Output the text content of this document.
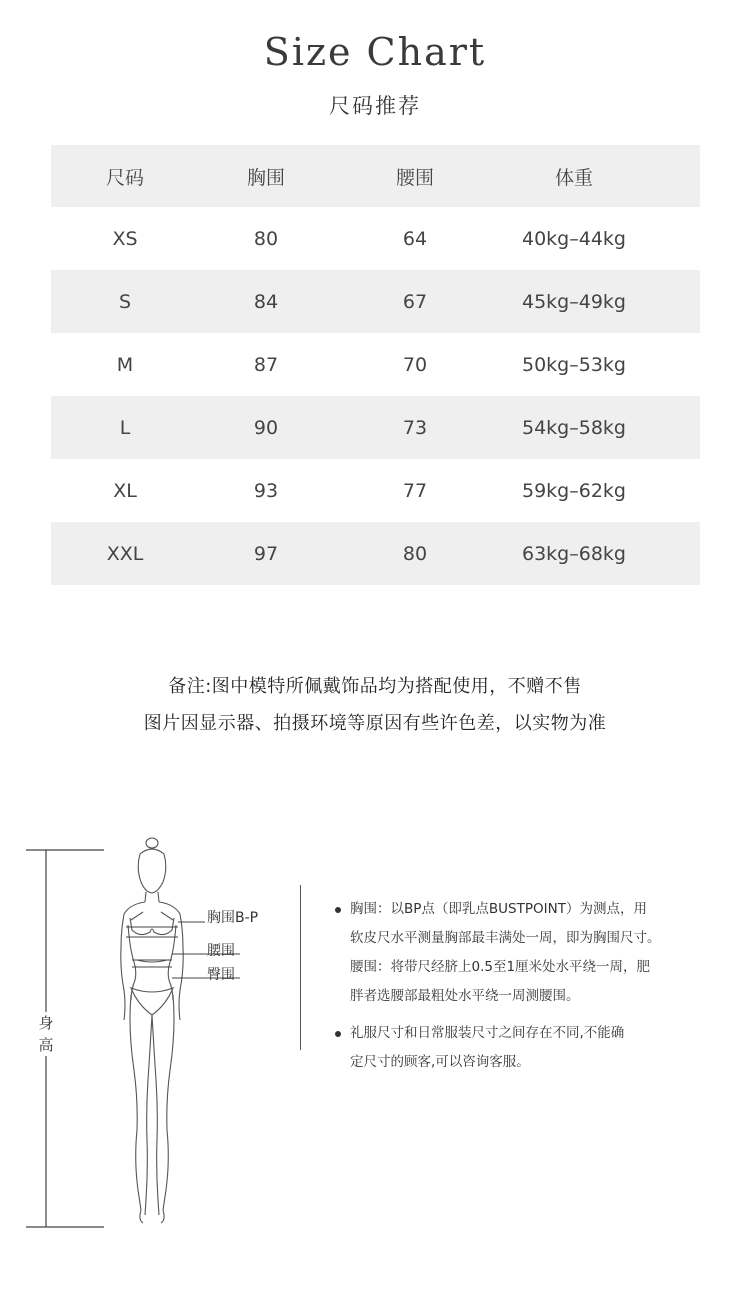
Size Chart
尺码推荐
尺码	胸围	腰围	体重
XS	80	64	40kg–44kg
S	84	67	45kg–49kg
M	87	70	50kg–53kg
L	90	73	54kg–58kg
XL	93	77	59kg–62kg
XXL	97	80	63kg–68kg
备注:图中模特所佩戴饰品均为搭配使用，不赠不售
图片因显示器、拍摄环境等原因有些许色差，以实物为准
胸围B-P
腰围
臀围
身高
胸围：以BP点（即乳点BUSTPOINT）为测点，用
软皮尺水平测量胸部最丰满处一周，即为胸围尺寸。
腰围：将带尺经脐上0.5至1厘米处水平绕一周，肥
胖者选腰部最粗处水平绕一周测腰围。
礼服尺寸和日常服装尺寸之间存在不同,不能确
定尺寸的顾客,可以咨询客服。
